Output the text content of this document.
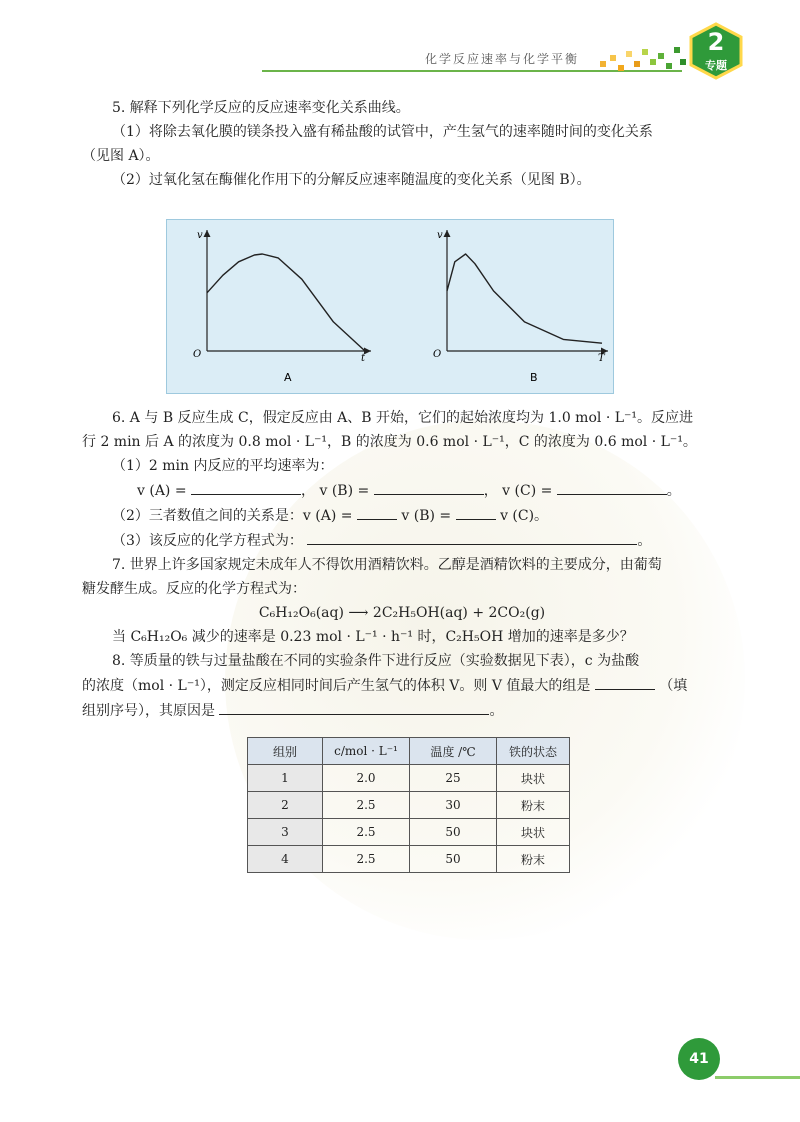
化学反应速率与化学平衡
2
专题

5. 解释下列化学反应的反应速率变化关系曲线。

（1）将除去氧化膜的镁条投入盛有稀盐酸的试管中，产生氢气的速率随时间的变化关系

（见图 A）。

（2）过氧化氢在酶催化作用下的分解反应速率随温度的变化关系（见图 B）。

v
t
O
A
v
T
O
B

6. A 与 B 反应生成 C，假定反应由 A、B 开始，它们的起始浓度均为 1.0 mol · L⁻¹。反应进

行 2 min 后 A 的浓度为 0.8 mol · L⁻¹，B 的浓度为 0.6 mol · L⁻¹，C 的浓度为 0.6 mol · L⁻¹。

（1）2 min 内反应的平均速率为：

v (A) =	， v (B) =	， v (C) =	。

（2）三者数值之间的关系是：v (A) =	v (B) =	v (C)。

（3）该反应的化学方程式为：	。

7. 世界上许多国家规定未成年人不得饮用酒精饮料。乙醇是酒精饮料的主要成分，由葡萄

糖发酵生成。反应的化学方程式为：

C₆H₁₂O₆(aq) ⟶ 2C₂H₅OH(aq) + 2CO₂(g)

当 C₆H₁₂O₆ 减少的速率是 0.23 mol · L⁻¹ · h⁻¹ 时，C₂H₅OH 增加的速率是多少？

8. 等质量的铁与过量盐酸在不同的实验条件下进行反应（实验数据见下表），c 为盐酸

的浓度（mol · L⁻¹），测定反应相同时间后产生氢气的体积 V。则 V 值最大的组是	（填

组别序号），其原因是	。

组别	c/mol · L⁻¹	温度 /℃	铁的状态
1	2.0	25	块状
2	2.5	30	粉末
3	2.5	50	块状
4	2.5	50	粉末
41
